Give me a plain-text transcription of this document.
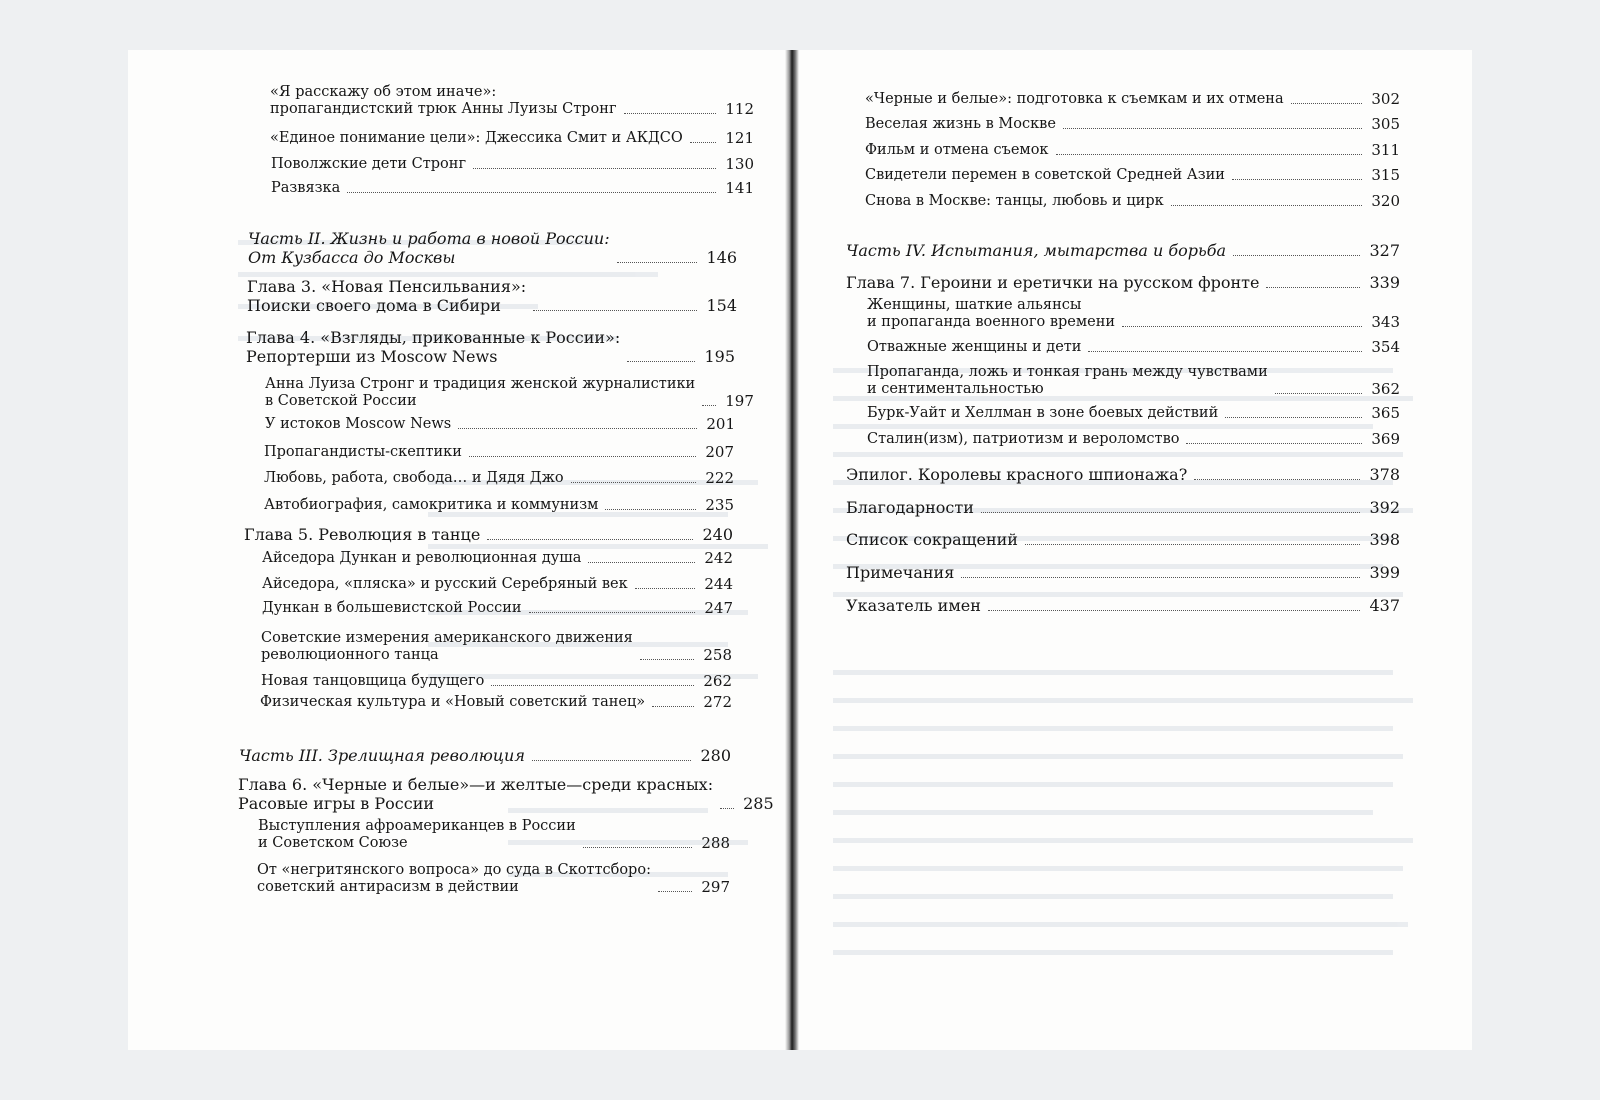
«Я расскажу об этом иначе»:
пропагандистский трюк Анны Луизы Стронг	112
«Единое понимание цели»: Джессика Смит и АКДСО	121
Поволжские дети Стронг	130
Развязка	141
Часть II. Жизнь и работа в новой России:
От Кузбасса до Москвы	146
Глава 3. «Новая Пенсильвания»:
Поиски своего дома в Сибири	154
Глава 4. «Взгляды, прикованные к России»:
Репортерши из Moscow News	195
Анна Луиза Стронг и традиция женской журналистики
в Советской России	197
У истоков Moscow News	201
Пропагандисты-скептики	207
Любовь, работа, свобода… и Дядя Джо	222
Автобиография, самокритика и коммунизм	235
Глава 5. Революция в танце	240
Айседора Дункан и революционная душа	242
Айседора, «пляска» и русский Серебряный век	244
Дункан в большевистской России	247
Советские измерения американского движения
революционного танца	258
Новая танцовщица будущего	262
Физическая культура и «Новый советский танец»	272
Часть III. Зрелищная революция	280
Глава 6. «Черные и белые»—и желтые—среди красных:
Расовые игры в России	285
Выступления афроамериканцев в России
и Советском Союзе	288
От «негритянского вопроса» до суда в Скоттсборо:
советский антирасизм в действии	297
«Черные и белые»: подготовка к съемкам и их отмена	302
Веселая жизнь в Москве	305
Фильм и отмена съемок	311
Свидетели перемен в советской Средней Азии	315
Снова в Москве: танцы, любовь и цирк	320
Часть IV. Испытания, мытарства и борьба	327
Глава 7. Героини и еретички на русском фронте	339
Женщины, шаткие альянсы
и пропаганда военного времени	343
Отважные женщины и дети	354
Пропаганда, ложь и тонкая грань между чувствами
и сентиментальностью	362
Бурк-Уайт и Хеллман в зоне боевых действий	365
Сталин(изм), патриотизм и вероломство	369
Эпилог. Королевы красного шпионажа?	378
Благодарности	392
Список сокращений	398
Примечания	399
Указатель имен	437
